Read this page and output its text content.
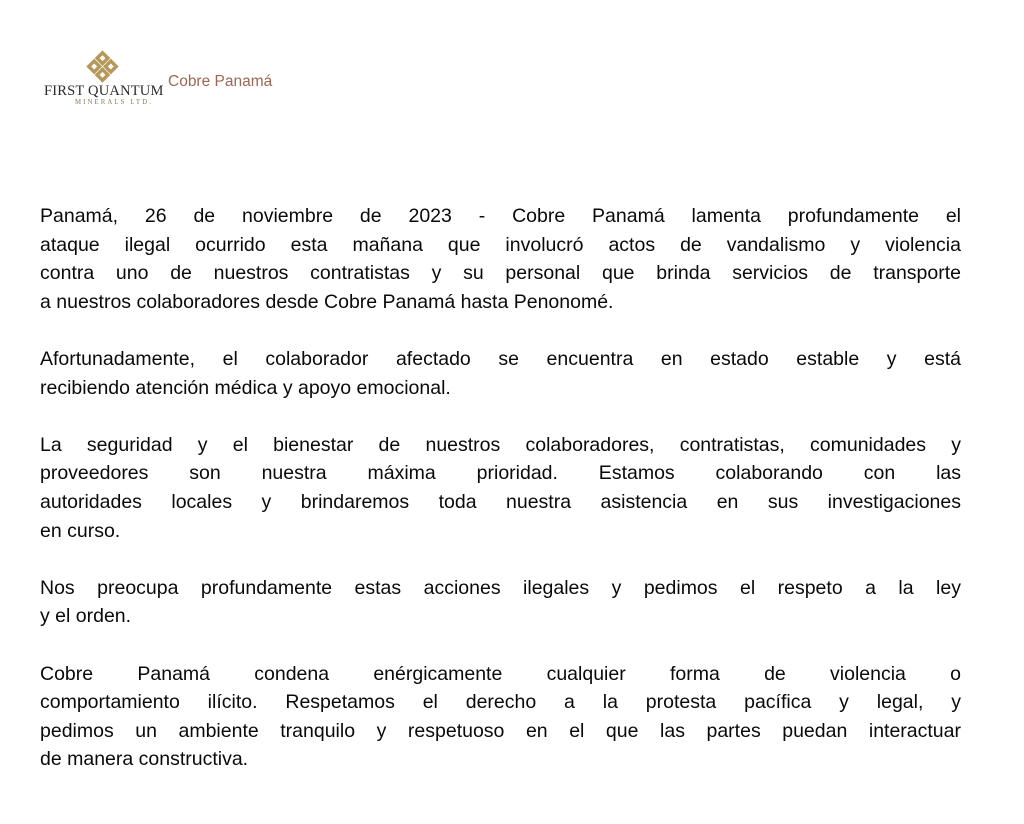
FIRST QUANTUM
MINERALS LTD.
Cobre Panamá

Panamá, 26 de noviembre de 2023 - Cobre Panamá lamenta profundamente el
ataque ilegal ocurrido esta mañana que involucró actos de vandalismo y violencia
contra uno de nuestros contratistas y su personal que brinda servicios de transporte
a nuestros colaboradores desde Cobre Panamá hasta Penonomé.

Afortunadamente, el colaborador afectado se encuentra en estado estable y está
recibiendo atención médica y apoyo emocional.

La seguridad y el bienestar de nuestros colaboradores, contratistas, comunidades y
proveedores son nuestra máxima prioridad. Estamos colaborando con las
autoridades locales y brindaremos toda nuestra asistencia en sus investigaciones
en curso.

Nos preocupa profundamente estas acciones ilegales y pedimos el respeto a la ley
y el orden.

Cobre Panamá condena enérgicamente cualquier forma de violencia o
comportamiento ilícito. Respetamos el derecho a la protesta pacífica y legal, y
pedimos un ambiente tranquilo y respetuoso en el que las partes puedan interactuar
de manera constructiva.
